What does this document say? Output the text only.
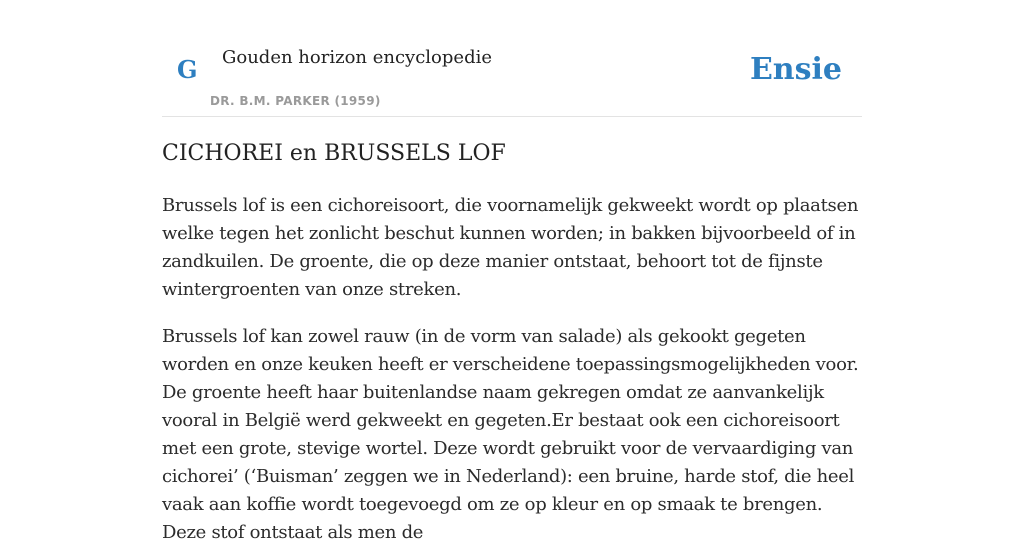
G Gouden horizon encyclopedie
DR. B.M. PARKER (1959)
Ensie
CICHOREI en BRUSSELS LOF

Brussels lof is een cichoreisoort, die voornamelijk gekweekt wordt op plaatsen welke tegen het zonlicht beschut kunnen worden; in bakken bijvoorbeeld of in zandkuilen. De groente, die op deze manier ontstaat, behoort tot de fijnste wintergroenten van onze streken.

Brussels lof kan zowel rauw (in de vorm van salade) als gekookt gegeten worden en onze keuken heeft er verscheidene toepassingsmogelijkheden voor. De groente heeft haar buitenlandse naam gekregen omdat ze aanvankelijk vooral in België werd gekweekt en gegeten.Er bestaat ook een cichoreisoort met een grote, stevige wortel. Deze wordt gebruikt voor de vervaardiging van cichorei’ (‘Buisman’ zeggen we in Nederland): een bruine, harde stof, die heel vaak aan koffie wordt toegevoegd om ze op kleur en op smaak te brengen. Deze stof ontstaat als men de
